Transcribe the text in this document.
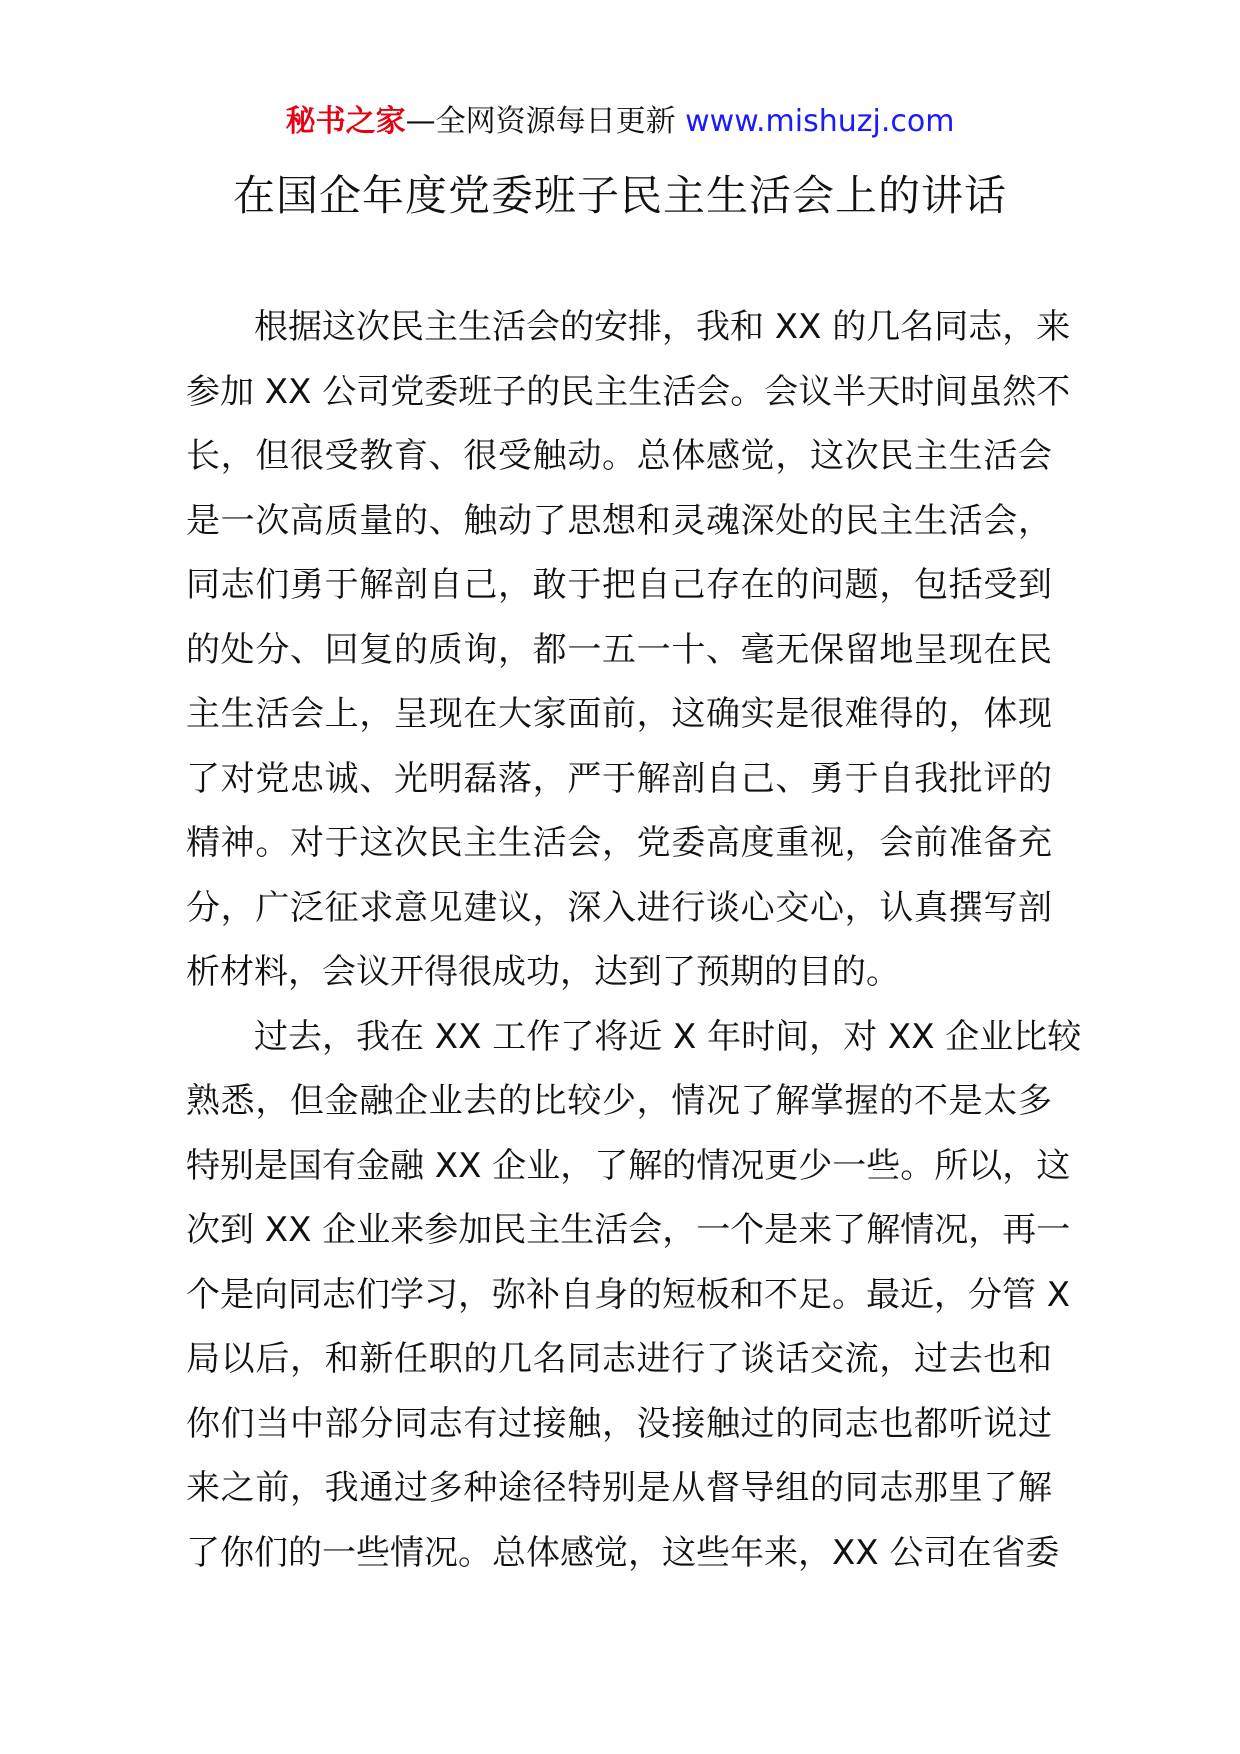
秘书之家—全网资源每日更新 www.mishuzj.com
在国企年度党委班子民主生活会上的讲话

根据这次民主生活会的安排，我和 XX 的几名同志，来
参加 XX 公司党委班子的民主生活会。会议半天时间虽然不
长，但很受教育、很受触动。总体感觉，这次民主生活会
是一次高质量的、触动了思想和灵魂深处的民主生活会，
同志们勇于解剖自己，敢于把自己存在的问题，包括受到
的处分、回复的质询，都一五一十、毫无保留地呈现在民
主生活会上，呈现在大家面前，这确实是很难得的，体现
了对党忠诚、光明磊落，严于解剖自己、勇于自我批评的
精神。对于这次民主生活会，党委高度重视，会前准备充
分，广泛征求意见建议，深入进行谈心交心，认真撰写剖
析材料，会议开得很成功，达到了预期的目的。

过去，我在 XX 工作了将近 X 年时间，对 XX 企业比较
熟悉，但金融企业去的比较少，情况了解掌握的不是太多
特别是国有金融 XX 企业，了解的情况更少一些。所以，这
次到 XX 企业来参加民主生活会，一个是来了解情况，再一
个是向同志们学习，弥补自身的短板和不足。最近，分管 X
局以后，和新任职的几名同志进行了谈话交流，过去也和
你们当中部分同志有过接触，没接触过的同志也都听说过
来之前，我通过多种途径特别是从督导组的同志那里了解
了你们的一些情况。总体感觉，这些年来，XX 公司在省委
